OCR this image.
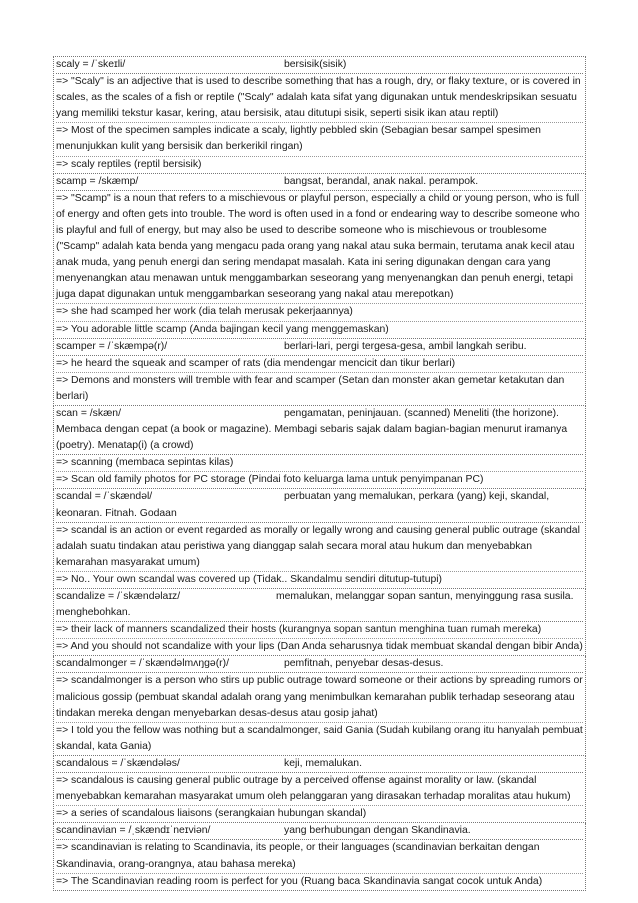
scaly = /ˈskeɪli/	bersisik(sisik)
=> "Scaly" is an adjective that is used to describe something that has a rough, dry, or flaky texture, or is covered in scales, as the scales of a fish or reptile ("Scaly" adalah kata sifat yang digunakan untuk mendeskripsikan sesuatu yang memiliki tekstur kasar, kering, atau bersisik, atau ditutupi sisik, seperti sisik ikan atau reptil)
=> Most of the specimen samples indicate a scaly, lightly pebbled skin (Sebagian besar sampel spesimen menunjukkan kulit yang bersisik dan berkerikil ringan)
=> scaly reptiles (reptil bersisik)
scamp = /skæmp/	bangsat, berandal, anak nakal. perampok.
=> "Scamp" is a noun that refers to a mischievous or playful person, especially a child or young person, who is full of energy and often gets into trouble. The word is often used in a fond or endearing way to describe someone who is playful and full of energy, but may also be used to describe someone who is mischievous or troublesome ("Scamp" adalah kata benda yang mengacu pada orang yang nakal atau suka bermain, terutama anak kecil atau anak muda, yang penuh energi dan sering mendapat masalah. Kata ini sering digunakan dengan cara yang menyenangkan atau menawan untuk menggambarkan seseorang yang menyenangkan dan penuh energi, tetapi juga dapat digunakan untuk menggambarkan seseorang yang nakal atau merepotkan)
=> she had scamped her work (dia telah merusak pekerjaannya)
=> You adorable little scamp (Anda bajingan kecil yang menggemaskan)
scamper = /ˈskæmpə(r)/	berlari-lari, pergi tergesa-gesa, ambil langkah seribu.
=> he heard the squeak and scamper of rats (dia mendengar mencicit dan tikur berlari)
=> Demons and monsters will tremble with fear and scamper (Setan dan monster akan gemetar ketakutan dan berlari)
scan = /skæn/	pengamatan, peninjauan. (scanned) Meneliti (the horizone). Membaca dengan cepat (a book or magazine). Membagi sebaris sajak dalam bagian-bagian menurut iramanya (poetry). Menatap(i) (a crowd)
=> scanning (membaca sepintas kilas)
=> Scan old family photos for PC storage (Pindai foto keluarga lama untuk penyimpanan PC)
scandal = /ˈskændəl/	perbuatan yang memalukan, perkara (yang) keji, skandal, keonaran. Fitnah. Godaan
=> scandal is an action or event regarded as morally or legally wrong and causing general public outrage (skandal adalah suatu tindakan atau peristiwa yang dianggap salah secara moral atau hukum dan menyebabkan kemarahan masyarakat umum)
=> No.. Your own scandal was covered up (Tidak.. Skandalmu sendiri ditutup-tutupi)
scandalize = /ˈskændəlaɪz/	memalukan, melanggar sopan santun, menyinggung rasa susila. menghebohkan.
=> their lack of manners scandalized their hosts (kurangnya sopan santun menghina tuan rumah mereka)
=> And you should not scandalize with your lips (Dan Anda seharusnya tidak membuat skandal dengan bibir Anda)
scandalmonger = /ˈskændəlmʌŋgə(r)/	pemfitnah, penyebar desas-desus.
=> scandalmonger is a person who stirs up public outrage toward someone or their actions by spreading rumors or malicious gossip (pembuat skandal adalah orang yang menimbulkan kemarahan publik terhadap seseorang atau tindakan mereka dengan menyebarkan desas-desus atau gosip jahat)
=> I told you the fellow was nothing but a scandalmonger, said Gania (Sudah kubilang orang itu hanyalah pembuat skandal, kata Gania)
scandalous = /ˈskændələs/	keji, memalukan.
=> scandalous is causing general public outrage by a perceived offense against morality or law. (skandal menyebabkan kemarahan masyarakat umum oleh pelanggaran yang dirasakan terhadap moralitas atau hukum)
=> a series of scandalous liaisons (serangkaian hubungan skandal)
scandinavian = /ˌskændɪˈneɪviən/	yang berhubungan dengan Skandinavia.
=> scandinavian is relating to Scandinavia, its people, or their languages (scandinavian berkaitan dengan Skandinavia, orang-orangnya, atau bahasa mereka)
=> The Scandinavian reading room is perfect for you (Ruang baca Skandinavia sangat cocok untuk Anda)
